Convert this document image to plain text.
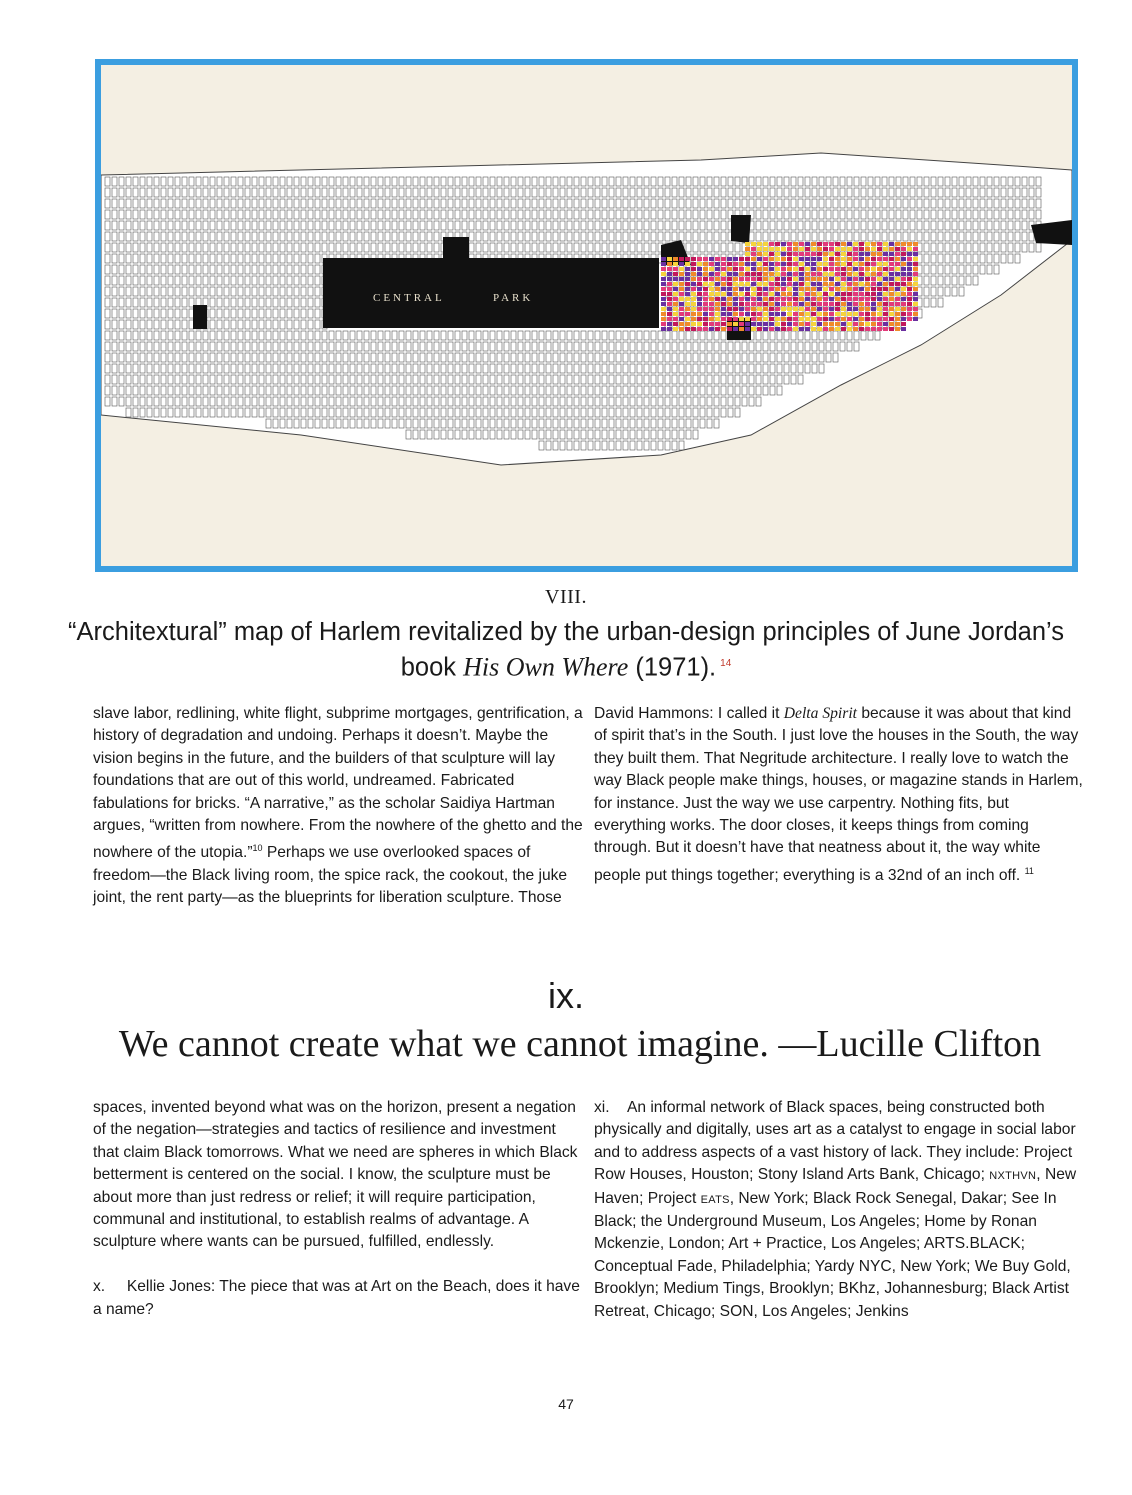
CENTRAL	PARK
VIII.
“Architextural” map of Harlem revitalized by the urban-design principles of June Jordan’s book His Own Where (1971). $^{14}$

slave labor, redlining, white flight, subprime mortgages, gentrification, a history of degradation and undoing. Perhaps it doesn’t. Maybe the vision begins in the future, and the builders of that sculpture will lay foundations that are out of this world, undreamed. Fabricated fabulations for bricks. “A narrative,” as the scholar Saidiya Hartman argues, “written from nowhere. From the nowhere of the ghetto and the nowhere of the utopia.”$^{10}$ Perhaps we use overlooked spaces of freedom—the Black living room, the spice rack, the cookout, the juke joint, the rent party—as the blueprints for liberation sculpture. Those

David Hammons: I called it Delta Spirit because it was about that kind of spirit that’s in the South. I just love the houses in the South, the way they built them. That Negritude architecture. I really love to watch the way Black people make things, houses, or magazine stands in Harlem, for instance. Just the way we use carpentry. Nothing fits, but everything works. The door closes, it keeps things from coming through. But it doesn’t have that neatness about it, the way white people put things together; everything is a 32nd of an inch off. $^{11}$

ix.
We cannot create what we cannot imagine. —Lucille Clifton

spaces, invented beyond what was on the horizon, present a negation of the negation—strategies and tactics of resilience and investment that claim Black tomorrows. What we need are spheres in which Black betterment is centered on the social. I know, the sculpture must be about more than just redress or relief; it will require participation, communal and institutional, to establish realms of advantage. A sculpture where wants can be pursued, fulfilled, endlessly.

x. Kellie Jones: The piece that was at Art on the Beach, does it have a name?

xi. An informal network of Black spaces, being constructed both physically and digitally, uses art as a catalyst to engage in social labor and to address aspects of a vast history of lack. They include: Project Row Houses, Houston; Stony Island Arts Bank, Chicago; NXTHVN, New Haven; Project EATS, New York; Black Rock Senegal, Dakar; See In Black; the Underground Museum, Los Angeles; Home by Ronan Mckenzie, London; Art + Practice, Los Angeles; ARTS.BLACK; Conceptual Fade, Philadelphia; Yardy NYC, New York; We Buy Gold, Brooklyn; Medium Tings, Brooklyn; BKhz, Johannesburg; Black Artist Retreat, Chicago; SON, Los Angeles; Jenkins

47
